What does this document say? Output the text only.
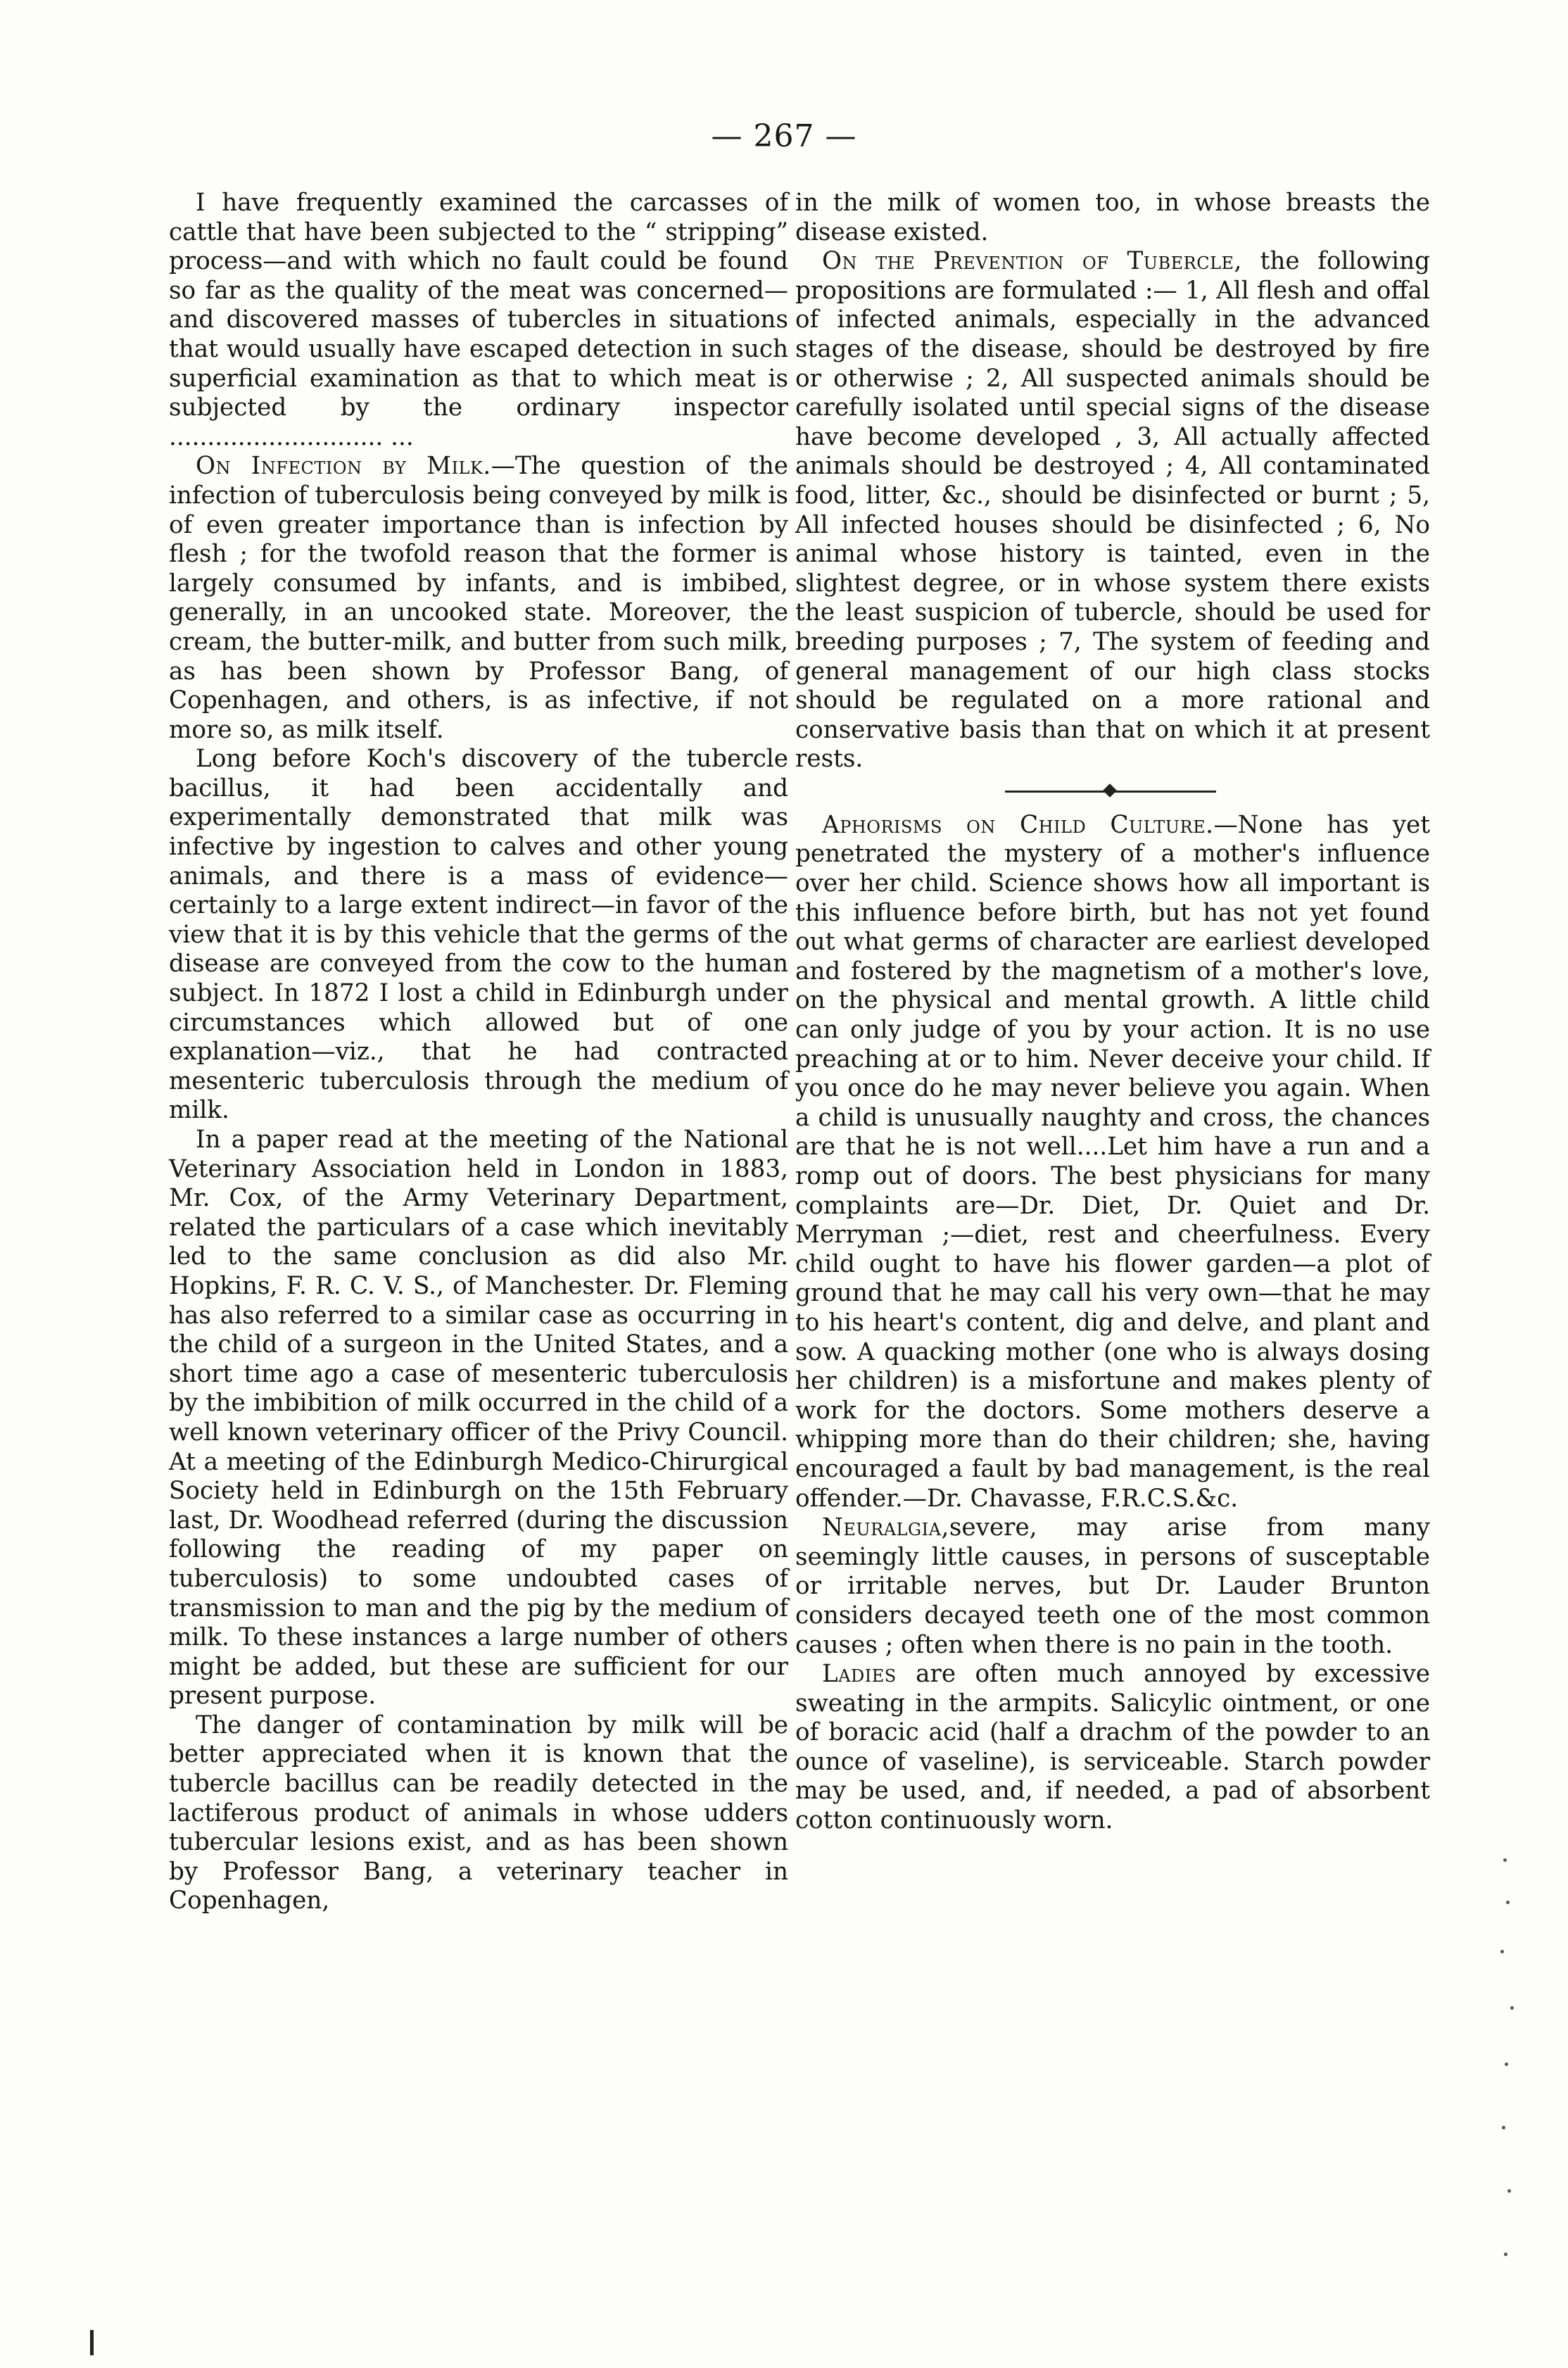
— 267 —

I have frequently examined the carcasses of cattle that have been subjected to the “ stripping” process—and with which no fault could be found so far as the quality of the meat was concerned—and discovered masses of tubercles in situations that would usually have escaped detection in such superficial examination as that to which meat is subjected by the ordinary inspector ............................ ...

On Infection by Milk.—The question of the infection of tuberculosis being conveyed by milk is of even greater importance than is infection by flesh ; for the twofold reason that the former is largely consumed by infants, and is imbibed, generally, in an uncooked state. Moreover, the cream, the butter-milk, and butter from such milk, as has been shown by Professor Bang, of Copenhagen, and others, is as infective, if not more so, as milk itself.

Long before Koch's discovery of the tubercle bacillus, it had been accidentally and experimentally demonstrated that milk was infective by ingestion to calves and other young animals, and there is a mass of evidence—certainly to a large extent indirect—in favor of the view that it is by this vehicle that the germs of the disease are conveyed from the cow to the human subject. In 1872 I lost a child in Edinburgh under circumstances which allowed but of one explanation—viz., that he had contracted mesenteric tuberculosis through the medium of milk.

In a paper read at the meeting of the National Veterinary Association held in London in 1883, Mr. Cox, of the Army Veterinary Department, related the particulars of a case which inevitably led to the same conclusion as did also Mr. Hopkins, F. R. C. V. S., of Manchester. Dr. Fleming has also referred to a similar case as occurring in the child of a surgeon in the United States, and a short time ago a case of mesenteric tuberculosis by the imbibition of milk occurred in the child of a well known veterinary officer of the Privy Council. At a meeting of the Edinburgh Medico-Chirurgical Society held in Edinburgh on the 15th February last, Dr. Woodhead referred (during the discussion following the reading of my paper on tuberculosis) to some undoubted cases of transmission to man and the pig by the medium of milk. To these instances a large number of others might be added, but these are sufficient for our present purpose.

The danger of contamination by milk will be better appreciated when it is known that the tubercle bacillus can be readily detected in the lactiferous product of animals in whose udders tubercular lesions exist, and as has been shown by Professor Bang, a veterinary teacher in Copenhagen,

in the milk of women too, in whose breasts the disease existed.

On the Prevention of Tubercle, the following propositions are formulated :— 1, All flesh and offal of infected animals, especially in the advanced stages of the disease, should be destroyed by fire or otherwise ; 2, All suspected animals should be carefully isolated until special signs of the disease have become developed , 3, All actually affected animals should be destroyed ; 4, All contaminated food, litter, &c., should be disinfected or burnt ; 5, All infected houses should be disinfected ; 6, No animal whose history is tainted, even in the slightest degree, or in whose system there exists the least suspicion of tubercle, should be used for breeding purposes ; 7, The system of feeding and general management of our high class stocks should be regulated on a more rational and conservative basis than that on which it at present rests.

Aphorisms on Child Culture.—None has yet penetrated the mystery of a mother's influence over her child. Science shows how all important is this influence before birth, but has not yet found out what germs of character are earliest developed and fostered by the magnetism of a mother's love, on the physical and mental growth. A little child can only judge of you by your action. It is no use preaching at or to him. Never deceive your child. If you once do he may never believe you again. When a child is unusually naughty and cross, the chances are that he is not well....Let him have a run and a romp out of doors. The best physicians for many complaints are—Dr. Diet, Dr. Quiet and Dr. Merryman ;—diet, rest and cheerfulness. Every child ought to have his flower garden—a plot of ground that he may call his very own—that he may to his heart's content, dig and delve, and plant and sow. A quacking mother (one who is always dosing her children) is a misfortune and makes plenty of work for the doctors. Some mothers deserve a whipping more than do their children; she, having encouraged a fault by bad management, is the real offender.—Dr. Chavasse, F.R.C.S.&c.

Neuralgia,severe, may arise from many seemingly little causes, in persons of susceptable or irritable nerves, but Dr. Lauder Brunton considers decayed teeth one of the most common causes ; often when there is no pain in the tooth.

Ladies are often much annoyed by excessive sweating in the armpits. Salicylic ointment, or one of boracic acid (half a drachm of the powder to an ounce of vaseline), is serviceable. Starch powder may be used, and, if needed, a pad of absorbent cotton continuously worn.
